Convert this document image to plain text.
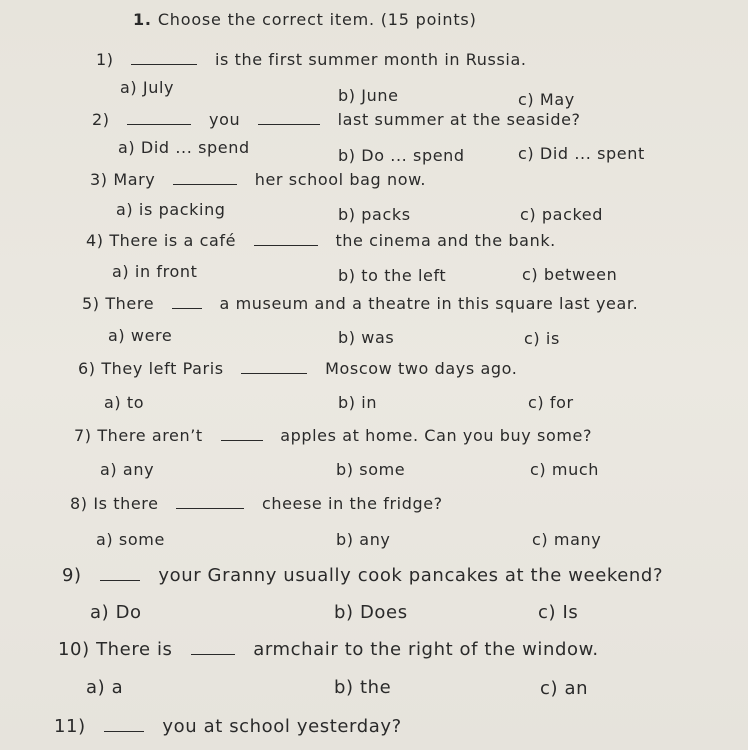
1. Choose the correct item. (15 points)
1)	is the first summer month in Russia.
a) July	b) June	c) May
2)	you	last summer at the seaside?
a) Did ... spend	b) Do ... spend	c) Did ... spent
3) Mary	her school bag now.
a) is packing	b) packs	c) packed
4) There is a café	the cinema and the bank.
a) in front	b) to the left	c) between
5) There	a museum and a theatre in this square last year.
a) were	b) was	c) is
6) They left Paris	Moscow two days ago.
a) to	b) in	c) for
7) There aren’t	apples at home. Can you buy some?
a) any	b) some	c) much
8) Is there	cheese in the fridge?
a) some	b) any	c) many
9)	your Granny usually cook pancakes at the weekend?
a) Do	b) Does	c) Is
10) There is	armchair to the right of the window.
a) a	b) the	c) an
11)	you at school yesterday?
